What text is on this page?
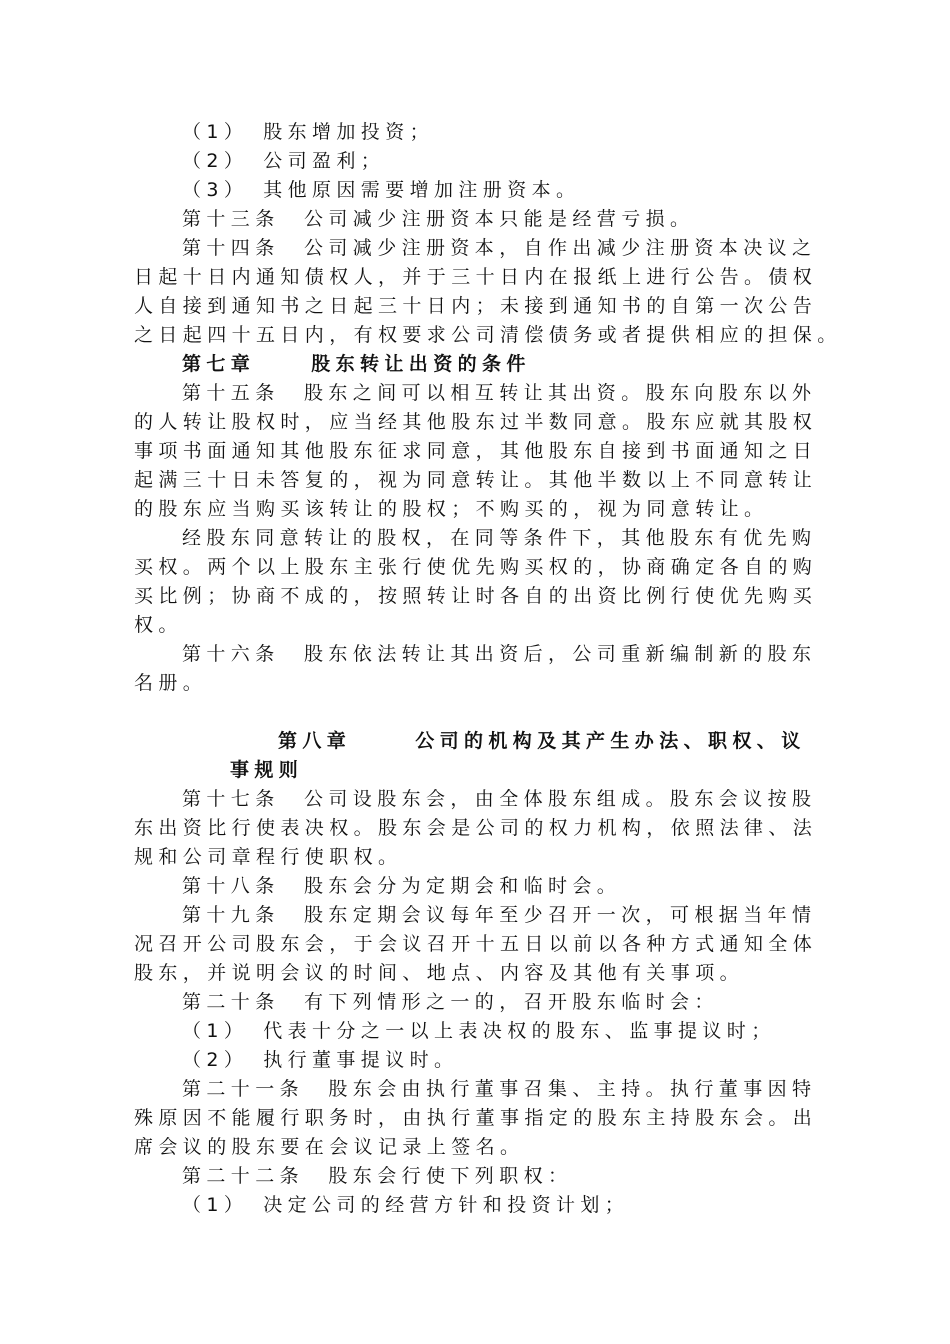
（1）　股东增加投资；

（2）　公司盈利；

（3）　其他原因需要增加注册资本。

第十三条　公司减少注册资本只能是经营亏损。

第十四条　公司减少注册资本，自作出减少注册资本决议之

日起十日内通知债权人，并于三十日内在报纸上进行公告。债权

人自接到通知书之日起三十日内；未接到通知书的自第一次公告

之日起四十五日内，有权要求公司清偿债务或者提供相应的担保。

第七章	股东转让出资的条件

第十五条　股东之间可以相互转让其出资。股东向股东以外

的人转让股权时，应当经其他股东过半数同意。股东应就其股权

事项书面通知其他股东征求同意，其他股东自接到书面通知之日

起满三十日未答复的，视为同意转让。其他半数以上不同意转让

的股东应当购买该转让的股权；不购买的，视为同意转让。

经股东同意转让的股权，在同等条件下，其他股东有优先购

买权。两个以上股东主张行使优先购买权的，协商确定各自的购

买比例；协商不成的，按照转让时各自的出资比例行使优先购买

权。

第十六条　股东依法转让其出资后，公司重新编制新的股东

名册。

第八章	公司的机构及其产生办法、职权、议

事规则

第十七条　公司设股东会，由全体股东组成。股东会议按股

东出资比行使表决权。股东会是公司的权力机构，依照法律、法

规和公司章程行使职权。

第十八条　股东会分为定期会和临时会。

第十九条　股东定期会议每年至少召开一次，可根据当年情

况召开公司股东会，于会议召开十五日以前以各种方式通知全体

股东，并说明会议的时间、地点、内容及其他有关事项。

第二十条　有下列情形之一的，召开股东临时会：

（1）　代表十分之一以上表决权的股东、监事提议时；

（2）　执行董事提议时。

第二十一条　股东会由执行董事召集、主持。执行董事因特

殊原因不能履行职务时，由执行董事指定的股东主持股东会。出

席会议的股东要在会议记录上签名。

第二十二条　股东会行使下列职权：

（1）　决定公司的经营方针和投资计划；
